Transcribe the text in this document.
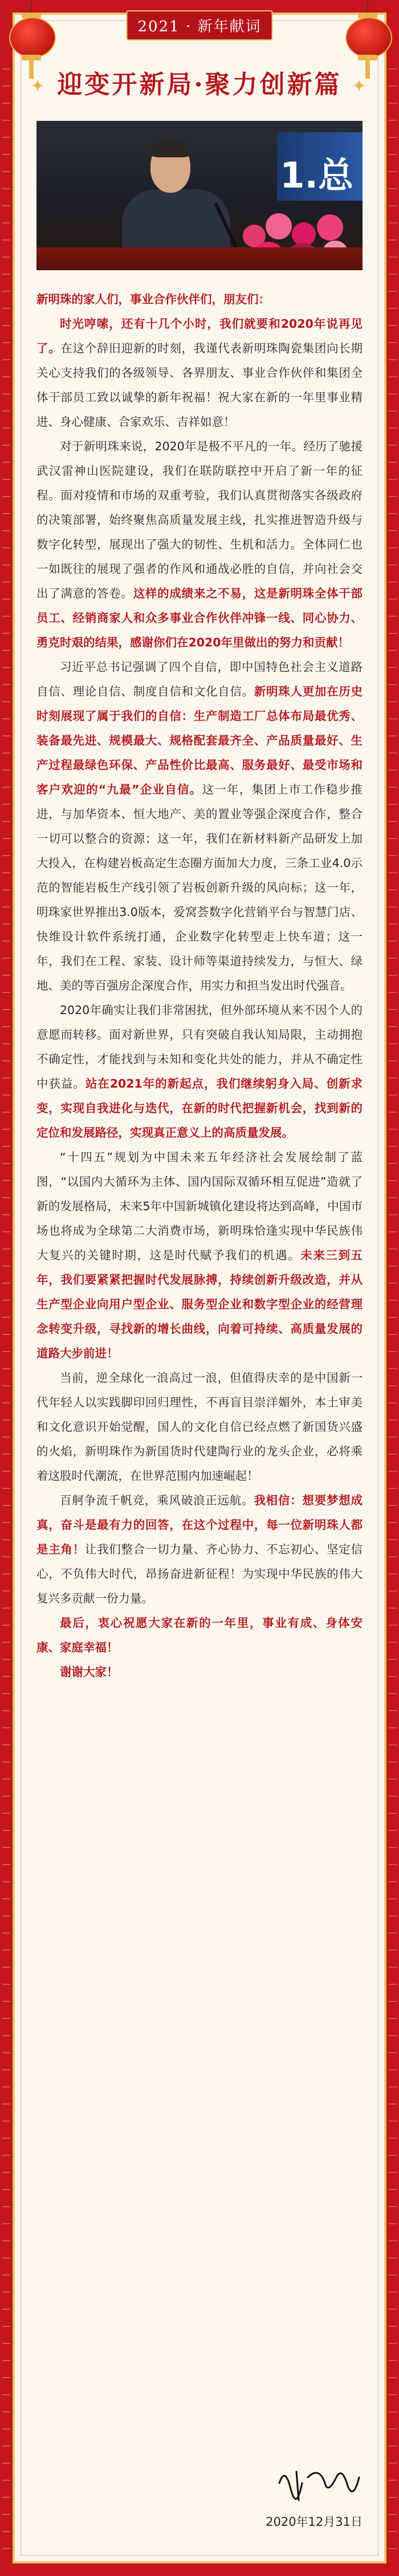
2021 · 新年献词
✦ 迎变开新局·聚力创新篇 ✦
1.总

新明珠的家人们，事业合作伙伴们，朋友们：

时光哼嗦，还有十几个小时，我们就要和2020年说再见了。在这个辞旧迎新的时刻，我谨代表新明珠陶瓷集团向长期关心支持我们的各级领导、各界朋友、事业合作伙伴和集团全体干部员工致以诚挚的新年祝福！祝大家在新的一年里事业精进、身心健康、合家欢乐、吉祥如意！

对于新明珠来说，2020年是极不平凡的一年。经历了驰援武汉雷神山医院建设，我们在联防联控中开启了新一年的征程。面对疫情和市场的双重考验，我们认真贯彻落实各级政府的决策部署，始终聚焦高质量发展主线，扎实推进智造升级与数字化转型，展现出了强大的韧性、生机和活力。全体同仁也一如既往的展现了强者的作风和通战必胜的自信，并向社会交出了满意的答卷。这样的成绩来之不易，这是新明珠全体干部员工、经销商家人和众多事业合作伙伴冲锋一线、同心协力、勇克时艰的结果，感谢你们在2020年里做出的努力和贡献！

习近平总书记强调了四个自信，即中国特色社会主义道路自信、理论自信、制度自信和文化自信。新明珠人更加在历史时刻展现了属于我们的自信：生产制造工厂总体布局最优秀、装备最先进、规模最大、规格配套最齐全、产品质量最好、生产过程最绿色环保、产品性价比最高、服务最好、最受市场和客户欢迎的“九最”企业自信。这一年，集团上市工作稳步推进，与加华资本、恒大地产、美的置业等强企深度合作，整合一切可以整合的资源；这一年，我们在新材料新产品研发上加大投入，在构建岩板高定生态圈方面加大力度，三条工业4.0示范的智能岩板生产线引领了岩板创新升级的风向标；这一年，明珠家世界推出3.0版本，爱窝荟数字化营销平台与智慧门店、快维设计软件系统打通，企业数字化转型走上快车道；这一年，我们在工程、家装、设计师等渠道持续发力，与恒大、绿地、美的等百强房企深度合作，用实力和担当发出时代强音。

2020年确实让我们非常困扰，但外部环境从来不因个人的意愿而转移。面对新世界，只有突破自我认知局限，主动拥抱不确定性，才能找到与未知和变化共处的能力，并从不确定性中获益。站在2021年的新起点，我们继续躬身入局、创新求变，实现自我进化与迭代，在新的时代把握新机会，找到新的定位和发展路径，实现真正意义上的高质量发展。

“十四五”规划为中国未来五年经济社会发展绘制了蓝图，“以国内大循环为主体、国内国际双循环相互促进”造就了新的发展格局，未来5年中国新城镇化建设将达到高峰，中国市场也将成为全球第二大消费市场，新明珠恰逢实现中华民族伟大复兴的关键时期，这是时代赋予我们的机遇。未来三到五年，我们要紧紧把握时代发展脉搏，持续创新升级改造，并从生产型企业向用户型企业、服务型企业和数字型企业的经营理念转变升级，寻找新的增长曲线，向着可持续、高质量发展的道路大步前进！

当前，逆全球化一浪高过一浪，但值得庆幸的是中国新一代年轻人以实践脚印回归理性，不再盲目崇洋媚外，本土审美和文化意识开始觉醒，国人的文化自信已经点燃了新国货兴盛的火焰，新明珠作为新国货时代建陶行业的龙头企业，必将乘着这股时代潮流，在世界范围内加速崛起！

百舸争流千帆竞，乘风破浪正远航。我相信：想要梦想成真，奋斗是最有力的回答，在这个过程中，每一位新明珠人都是主角！让我们整合一切力量、齐心协力、不忘初心、坚定信心，不负伟大时代，昂扬奋进新征程！为实现中华民族的伟大复兴多贡献一份力量。

最后，衷心祝愿大家在新的一年里，事业有成、身体安康、家庭幸福！

谢谢大家！

2020年12月31日
